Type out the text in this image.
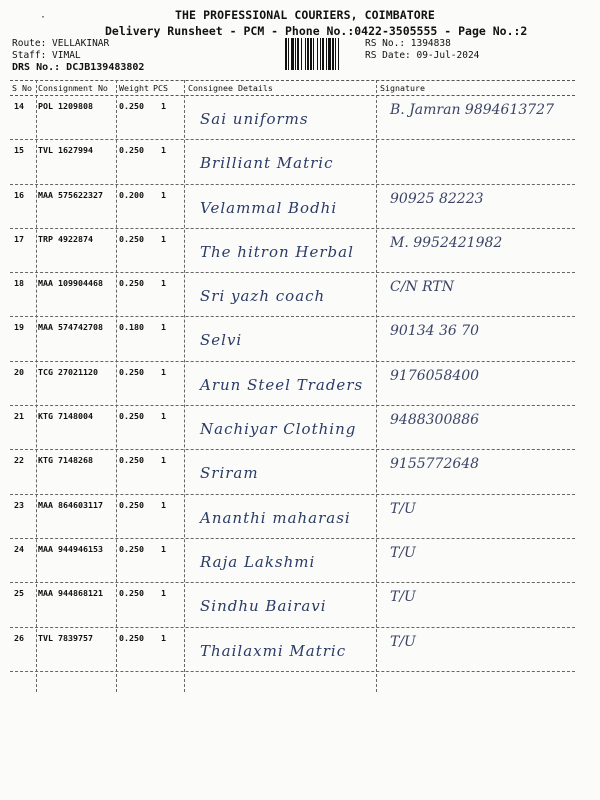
·	THE PROFESSIONAL COURIERS, COIMBATORE
Delivery Runsheet - PCM - Phone No.:0422-3505555 - Page No.:2
Route: VELLAKINAR
Staff: VIMAL
DRS No.: DCJB139483802
RS No.: 1394838
RS Date: 09-Jul-2024
S No Consignment No Weight PCS Consignee Details	Signature
14 POL 1209808	0.250 1
Sai uniforms	B. Jamran 9894613727
15 TVL 1627994	0.250 1
Brilliant Matric
16 MAA 575622327 0.200 1
Velammal Bodhi	90925 82223
17 TRP 4922874	0.250 1
The hitron Herbal	M. 9952421982
18 MAA 109904468 0.250 1
Sri yazh coach	C/N RTN
19 MAA 574742708 0.180 1
Selvi	90134 36 70
20 TCG 27021120	0.250 1
Arun Steel Traders 9176058400
21 KTG 7148004	0.250 1
Nachiyar Clothing 9488300886
22 KTG 7148268	0.250 1
Sriram	9155772648
23 MAA 864603117 0.250 1
Ananthi maharasi	T/U
24 MAA 944946153 0.250 1
Raja Lakshmi	T/U
25 MAA 944868121 0.250 1
Sindhu Bairavi	T/U
26 TVL 7839757	0.250 1
Thailaxmi Matric	T/U
